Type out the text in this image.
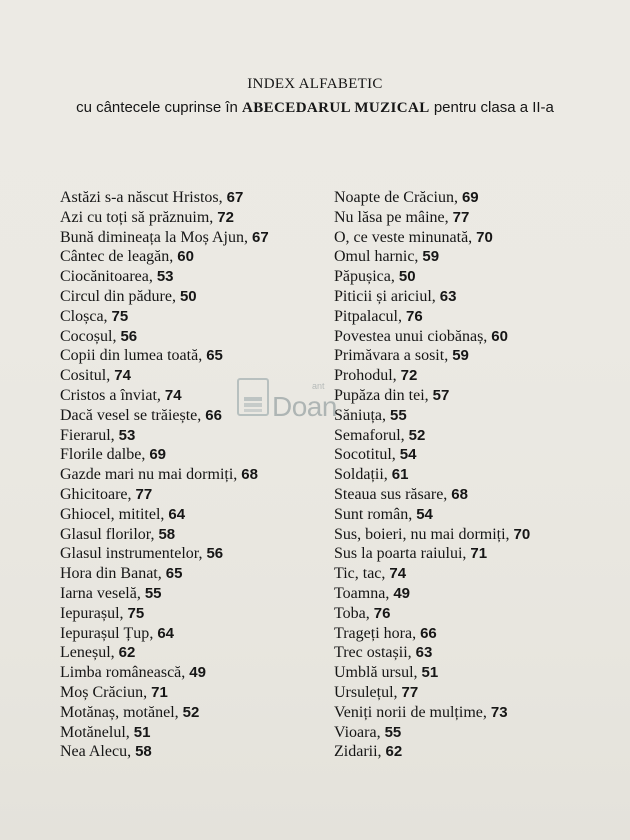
INDEX ALFABETIC
cu cântecele cuprinse în ABECEDARUL MUZICAL pentru clasa a II-a
Astăzi s-a născut Hristos, 67
Azi cu toți să prăznuim, 72
Bună dimineața la Moș Ajun, 67
Cântec de leagăn, 60
Ciocănitoarea, 53
Circul din pădure, 50
Cloșca, 75
Cocoșul, 56
Copii din lumea toată, 65
Cositul, 74
Cristos a înviat, 74
Dacă vesel se trăiește, 66
Fierarul, 53
Florile dalbe, 69
Gazde mari nu mai dormiți, 68
Ghicitoare, 77
Ghiocel, mititel, 64
Glasul florilor, 58
Glasul instrumentelor, 56
Hora din Banat, 65
Iarna veselă, 55
Iepurașul, 75
Iepurașul Țup, 64
Leneșul, 62
Limba românească, 49
Moș Crăciun, 71
Motănaș, motănel, 52
Motănelul, 51
Nea Alecu, 58
Noapte de Crăciun, 69
Nu lăsa pe mâine, 77
O, ce veste minunată, 70
Omul harnic, 59
Păpușica, 50
Piticii și ariciul, 63
Pitpalacul, 76
Povestea unui ciobănaș, 60
Primăvara a sosit, 59
Prohodul, 72
Pupăza din tei, 57
Săniuța, 55
Semaforul, 52
Socotitul, 54
Soldații, 61
Steaua sus răsare, 68
Sunt român, 54
Sus, boieri, nu mai dormiți, 70
Sus la poarta raiului, 71
Tic, tac, 74
Toamna, 49
Toba, 76
Trageți hora, 66
Trec ostașii, 63
Umblă ursul, 51
Ursulețul, 77
Veniți norii de mulțime, 73
Vioara, 55
Zidarii, 62
ant
Doan
